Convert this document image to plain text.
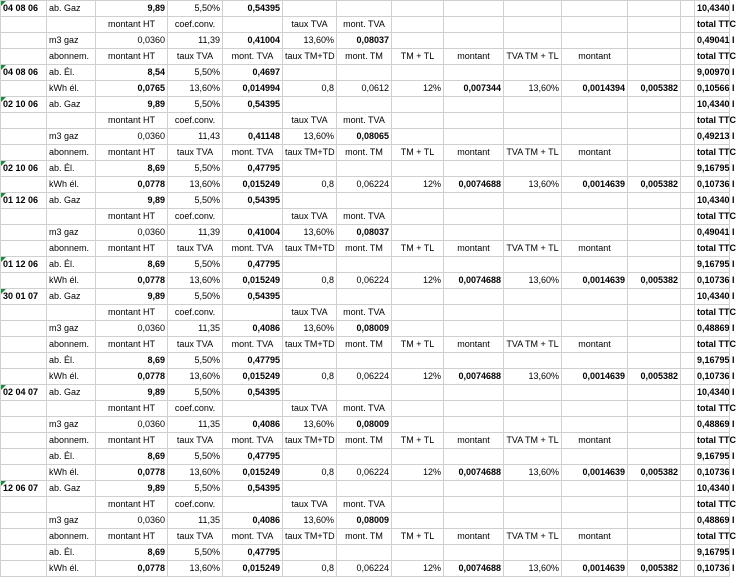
04 08 06	ab. Gaz	9,89	5,50%	0,54395									10,4340 I
		montant HT	coef.conv.		taux TVA	mont. TVA							total TTC
	m3 gaz	0,0360	11,39	0,41004	13,60%	0,08037							0,49041 I
	abonnem.	montant HT	taux TVA	mont. TVA	taux TM+TD	mont. TM	TM + TL	montant	TVA TM + TL	montant			total TTC
04 08 06	ab. Él.	8,54	5,50%	0,4697									9,00970 I
	kWh él.	0,0765	13,60%	0,014994	0,8	0,0612	12%	0,007344	13,60%	0,0014394	0,005382		0,10566 I
02 10 06	ab. Gaz	9,89	5,50%	0,54395									10,4340 I
		montant HT	coef.conv.		taux TVA	mont. TVA							total TTC
	m3 gaz	0,0360	11,43	0,41148	13,60%	0,08065							0,49213 I
	abonnem.	montant HT	taux TVA	mont. TVA	taux TM+TD	mont. TM	TM + TL	montant	TVA TM + TL	montant			total TTC
02 10 06	ab. Él.	8,69	5,50%	0,47795									9,16795 I
	kWh él.	0,0778	13,60%	0,015249	0,8	0,06224	12%	0,0074688	13,60%	0,0014639	0,005382		0,10736 I
01 12 06	ab. Gaz	9,89	5,50%	0,54395									10,4340 I
		montant HT	coef.conv.		taux TVA	mont. TVA							total TTC
	m3 gaz	0,0360	11,39	0,41004	13,60%	0,08037							0,49041 I
	abonnem.	montant HT	taux TVA	mont. TVA	taux TM+TD	mont. TM	TM + TL	montant	TVA TM + TL	montant			total TTC
01 12 06	ab. Él.	8,69	5,50%	0,47795									9,16795 I
	kWh él.	0,0778	13,60%	0,015249	0,8	0,06224	12%	0,0074688	13,60%	0,0014639	0,005382		0,10736 I
30 01 07	ab. Gaz	9,89	5,50%	0,54395									10,4340 I
		montant HT	coef.conv.		taux TVA	mont. TVA							total TTC
	m3 gaz	0,0360	11,35	0,4086	13,60%	0,08009							0,48869 I
	abonnem.	montant HT	taux TVA	mont. TVA	taux TM+TD	mont. TM	TM + TL	montant	TVA TM + TL	montant			total TTC
	ab. Él.	8,69	5,50%	0,47795									9,16795 I
	kWh él.	0,0778	13,60%	0,015249	0,8	0,06224	12%	0,0074688	13,60%	0,0014639	0,005382		0,10736 I
02 04 07	ab. Gaz	9,89	5,50%	0,54395									10,4340 I
		montant HT	coef.conv.		taux TVA	mont. TVA							total TTC
	m3 gaz	0,0360	11,35	0,4086	13,60%	0,08009							0,48869 I
	abonnem.	montant HT	taux TVA	mont. TVA	taux TM+TD	mont. TM	TM + TL	montant	TVA TM + TL	montant			total TTC
	ab. Él.	8,69	5,50%	0,47795									9,16795 I
	kWh él.	0,0778	13,60%	0,015249	0,8	0,06224	12%	0,0074688	13,60%	0,0014639	0,005382		0,10736 I
12 06 07	ab. Gaz	9,89	5,50%	0,54395									10,4340 I
		montant HT	coef.conv.		taux TVA	mont. TVA							total TTC
	m3 gaz	0,0360	11,35	0,4086	13,60%	0,08009							0,48869 I
	abonnem.	montant HT	taux TVA	mont. TVA	taux TM+TD	mont. TM	TM + TL	montant	TVA TM + TL	montant			total TTC
	ab. Él.	8,69	5,50%	0,47795									9,16795 I
	kWh él.	0,0778	13,60%	0,015249	0,8	0,06224	12%	0,0074688	13,60%	0,0014639	0,005382		0,10736 I
